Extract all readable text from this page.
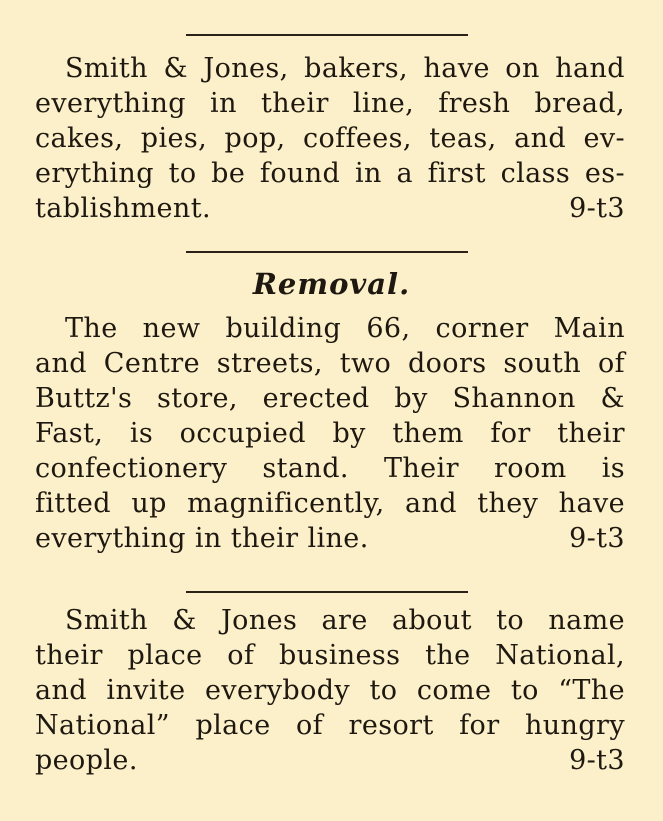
Smith & Jones, bakers, have on hand
everything in their line, fresh bread,
cakes, pies, pop, coffees, teas, and ev-
erything to be found in a first class es-
tablishment.	9-t3
Removal.
The new building 66, corner Main
and Centre streets, two doors south of
Buttz's store, erected by Shannon &
Fast, is occupied by them for their
confectionery stand. Their room is
fitted up magnificently, and they have
everything in their line.	9-t3
Smith & Jones are about to name
their place of business the National,
and invite everybody to come to “The
National” place of resort for hungry
people.	9-t3
